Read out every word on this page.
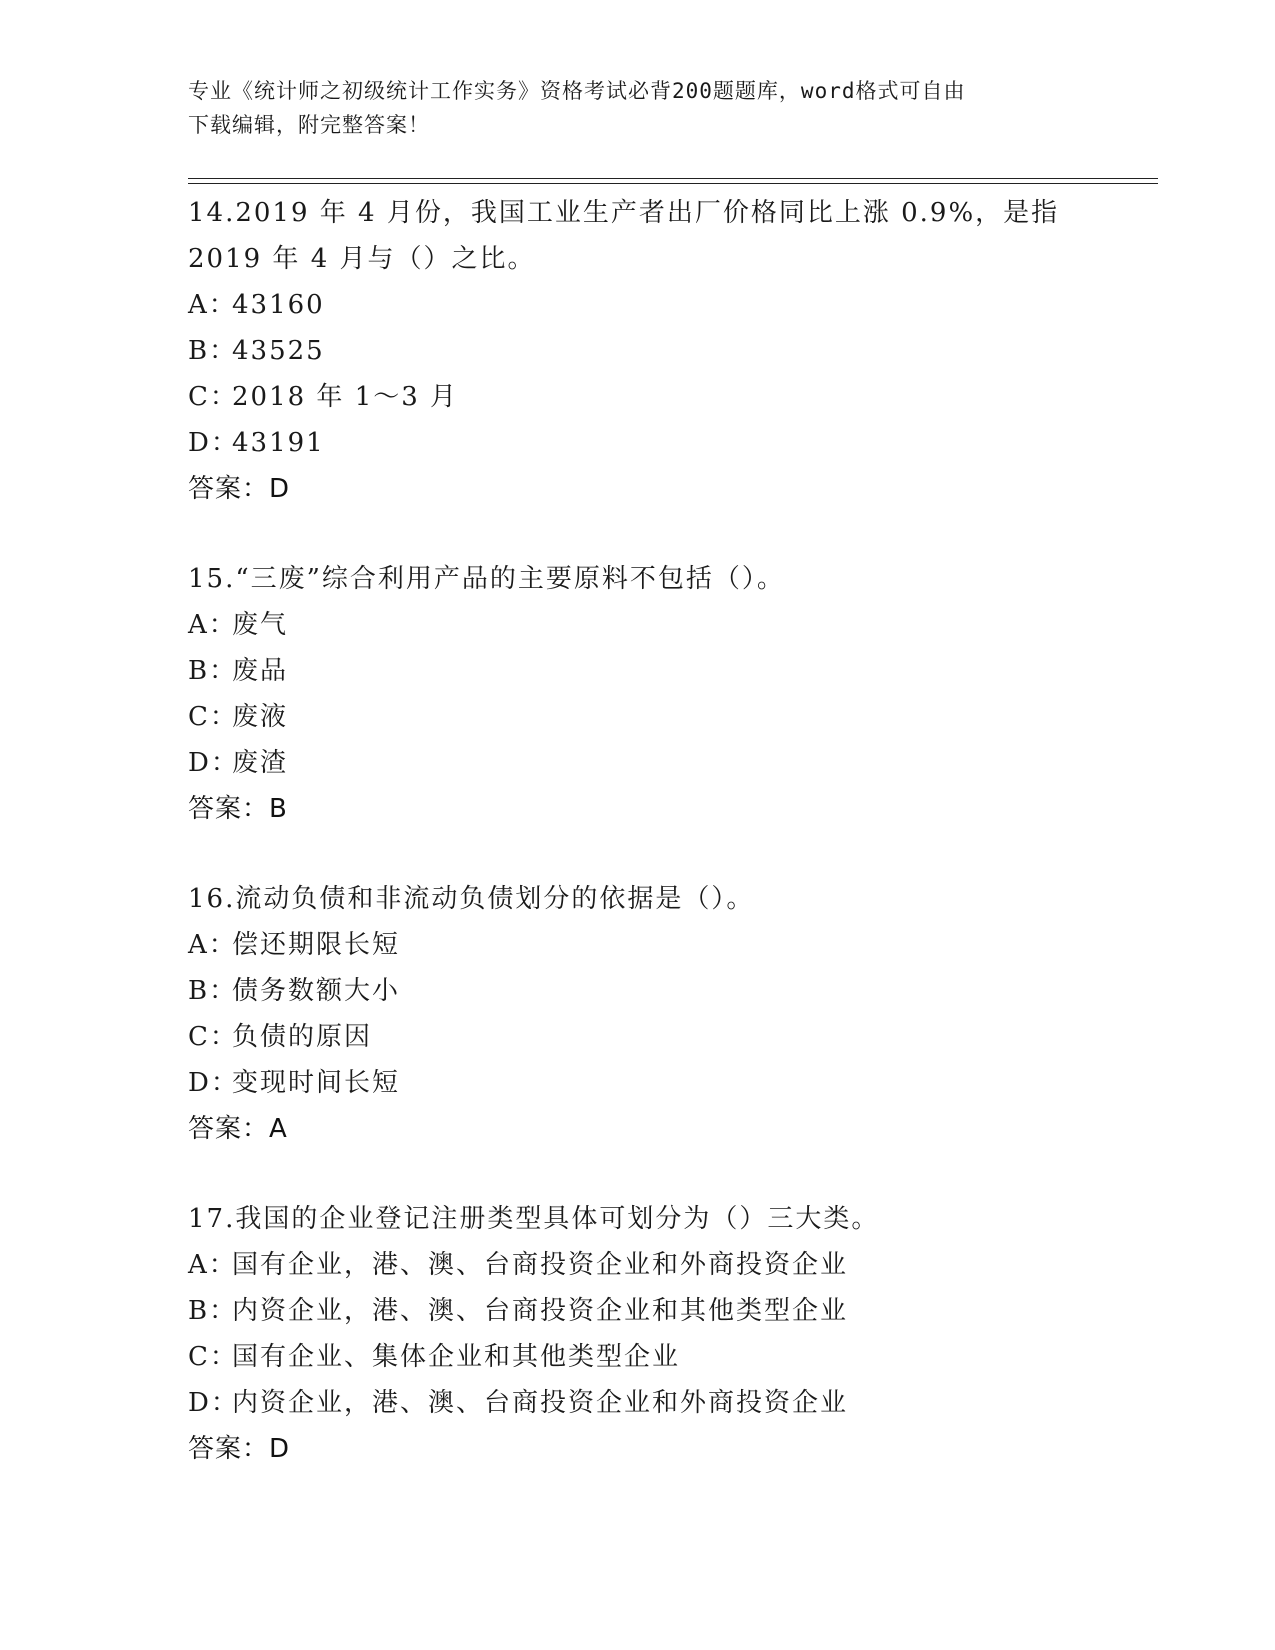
专业《统计师之初级统计工作实务》资格考试必背200题题库，word格式可自由
下载编辑，附完整答案！
14.2019 年 4 月份，我国工业生产者出厂价格同比上涨 0.9%，是指
2019 年 4 月与（）之比。
A：43160
B：43525
C：2018 年 1～3 月
D：43191
答案：D
15.“三废”综合利用产品的主要原料不包括（）。
A：废气
B：废品
C：废液
D：废渣
答案：B
16.流动负债和非流动负债划分的依据是（）。
A：偿还期限长短
B：债务数额大小
C：负债的原因
D：变现时间长短
答案：A
17.我国的企业登记注册类型具体可划分为（）三大类。
A：国有企业，港、澳、台商投资企业和外商投资企业
B：内资企业，港、澳、台商投资企业和其他类型企业
C：国有企业、集体企业和其他类型企业
D：内资企业，港、澳、台商投资企业和外商投资企业
答案：D
